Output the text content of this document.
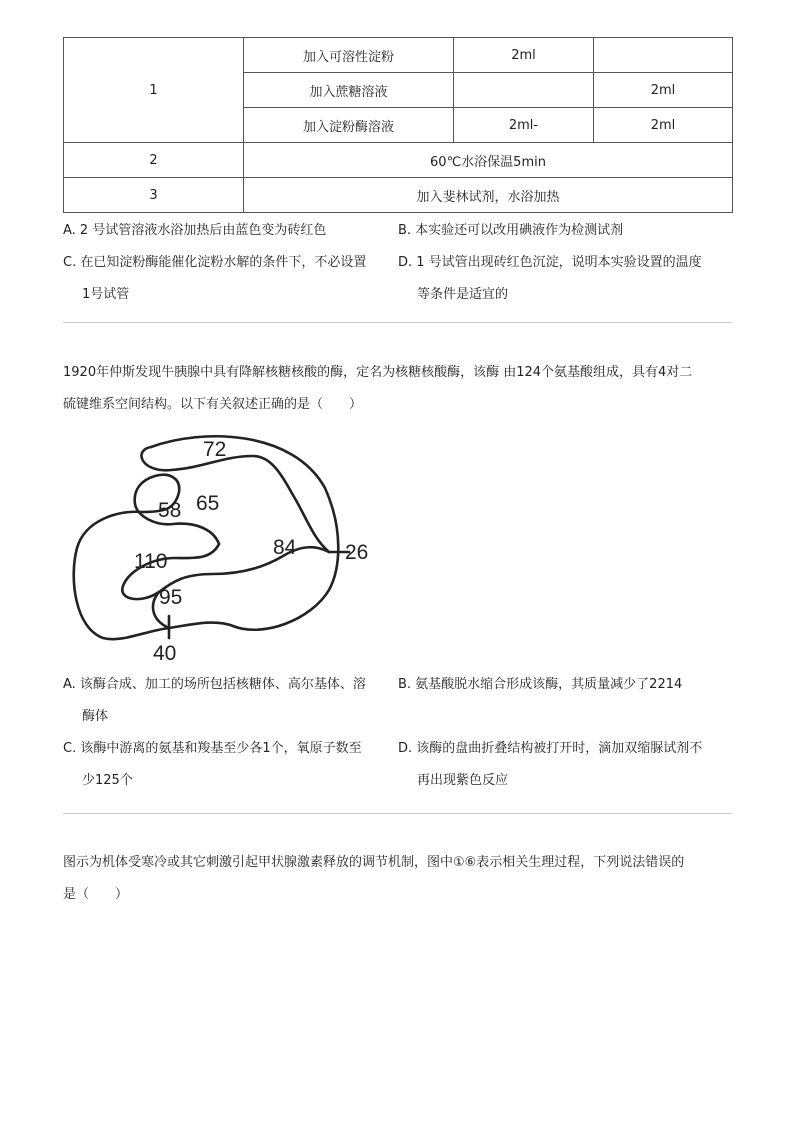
1	加入可溶性淀粉	2ml	
	加入蔗糖溶液		2ml
	加入淀粉酶溶液	2ml-	2ml
2	60℃水浴保温5min		
3	加入斐林试剂，水浴加热		
A. 2 号试管溶液水浴加热后由蓝色变为砖红色	B. 本实验还可以改用碘液作为检测试剂
C. 在已知淀粉酶能催化淀粉水解的条件下，不必设置
1号试管
D. 1 号试管出现砖红色沉淀，说明本实验设置的温度
等条件是适宜的
1920年仲斯发现牛胰腺中具有降解核糖核酸的酶，定名为核糖核酸酶，该酶 由124个氨基酸组成，具有4对二
硫键维系空间结构。以下有关叙述正确的是（　　）
72
65
58
84 26
110
95
40
A. 该酶合成、加工的场所包括核糖体、高尔基体、溶
酶体
B. 氨基酸脱水缩合形成该酶，其质量减少了2214
C. 该酶中游离的氨基和羧基至少各1个，氧原子数至
少125个
D. 该酶的盘曲折叠结构被打开时，滴加双缩脲试剂不
再出现紫色反应
图示为机体受寒冷或其它刺激引起甲状腺激素释放的调节机制，图中①⑥表示相关生理过程，下列说法错误的
是（　　）
